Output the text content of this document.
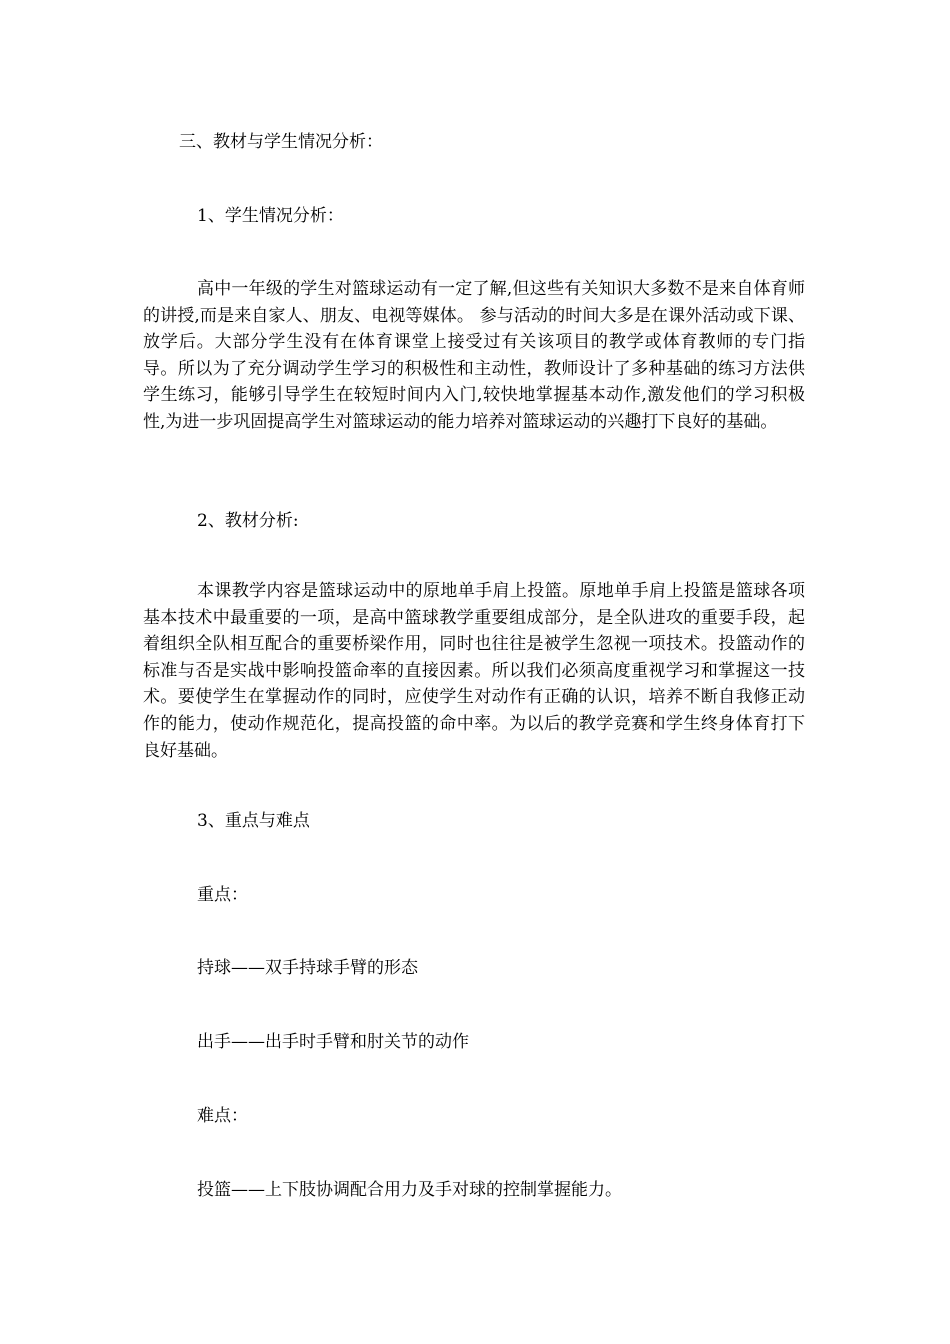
三、教材与学生情况分析：
1、学生情况分析：

高中一年级的学生对篮球运动有一定了解,但这些有关知识大多数不是来自体育师的讲授,而是来自家人、朋友、电视等媒体。 参与活动的时间大多是在课外活动或下课、放学后。大部分学生没有在体育课堂上接受过有关该项目的教学或体育教师的专门指导。所以为了充分调动学生学习的积极性和主动性，教师设计了多种基础的练习方法供学生练习，能够引导学生在较短时间内入门,较快地掌握基本动作,激发他们的学习积极性,为进一步巩固提高学生对篮球运动的能力培养对篮球运动的兴趣打下良好的基础。

2、教材分析:

本课教学内容是篮球运动中的原地单手肩上投篮。原地单手肩上投篮是篮球各项基本技术中最重要的一项，是高中篮球教学重要组成部分，是全队进攻的重要手段，起着组织全队相互配合的重要桥梁作用，同时也往往是被学生忽视一项技术。投篮动作的标准与否是实战中影响投篮命率的直接因素。所以我们必须高度重视学习和掌握这一技术。要使学生在掌握动作的同时，应使学生对动作有正确的认识，培养不断自我修正动作的能力，使动作规范化，提高投篮的命中率。为以后的教学竞赛和学生终身体育打下良好基础。

3、重点与难点
重点：
持球——双手持球手臂的形态
出手——出手时手臂和肘关节的动作
难点：
投篮——上下肢协调配合用力及手对球的控制掌握能力。
